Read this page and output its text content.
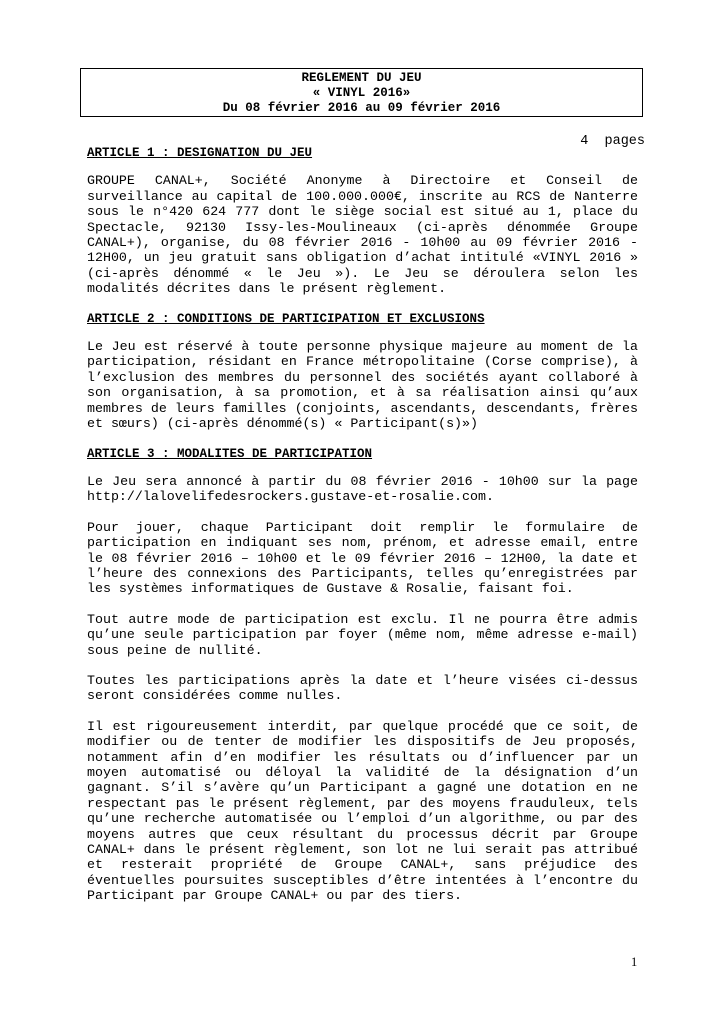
REGLEMENT DU JEU
« VINYL 2016»
Du 08 février 2016 au 09 février 2016
4  pages

ARTICLE 1 : DESIGNATION DU JEU

GROUPE CANAL+, Société Anonyme à Directoire et Conseil de surveillance au capital de 100.000.000€, inscrite au RCS de Nanterre sous le n°420 624 777 dont le siège social est situé au 1, place du Spectacle, 92130 Issy-les-Moulineaux (ci-après dénommée Groupe CANAL+), organise, du 08 février 2016 - 10h00 au 09 février 2016 - 12H00, un jeu gratuit sans obligation d’achat intitulé «VINYL 2016 » (ci-après dénommé « le Jeu »). Le Jeu se déroulera selon les modalités décrites dans le présent règlement.

ARTICLE 2 : CONDITIONS DE PARTICIPATION ET EXCLUSIONS

Le Jeu est réservé à toute personne physique majeure au moment de la participation, résidant en France métropolitaine (Corse comprise), à l’exclusion des membres du personnel des sociétés ayant collaboré à son organisation, à sa promotion, et à sa réalisation ainsi qu’aux membres de leurs familles (conjoints, ascendants, descendants, frères et sœurs) (ci-après dénommé(s) « Participant(s)»)

ARTICLE 3 : MODALITES DE PARTICIPATION

Le Jeu sera annoncé à partir du 08 février 2016 - 10h00 sur la page http://lalovelifedesrockers.gustave-et-rosalie.com.

Pour jouer, chaque Participant doit remplir le formulaire de participation en indiquant ses nom, prénom, et adresse email, entre le 08 février 2016 – 10h00 et le 09 février 2016 – 12H00, la date et l’heure des connexions des Participants, telles qu’enregistrées par les systèmes informatiques de Gustave & Rosalie, faisant foi.

Tout autre mode de participation est exclu. Il ne pourra être admis qu’une seule participation par foyer (même nom, même adresse e-mail) sous peine de nullité.

Toutes les participations après la date et l’heure visées ci-dessus seront considérées comme nulles.

Il est rigoureusement interdit, par quelque procédé que ce soit, de modifier ou de tenter de modifier les dispositifs de Jeu proposés, notamment afin d’en modifier les résultats ou d’influencer par un moyen automatisé ou déloyal la validité de la désignation d’un gagnant. S’il s’avère qu’un Participant a gagné une dotation en ne respectant pas le présent règlement, par des moyens frauduleux, tels qu’une recherche automatisée ou l’emploi d’un algorithme, ou par des moyens autres que ceux résultant du processus décrit par Groupe CANAL+ dans le présent règlement, son lot ne lui serait pas attribué et resterait propriété de Groupe CANAL+, sans préjudice des éventuelles poursuites susceptibles d’être intentées à l’encontre du Participant par Groupe CANAL+ ou par des tiers.

1
